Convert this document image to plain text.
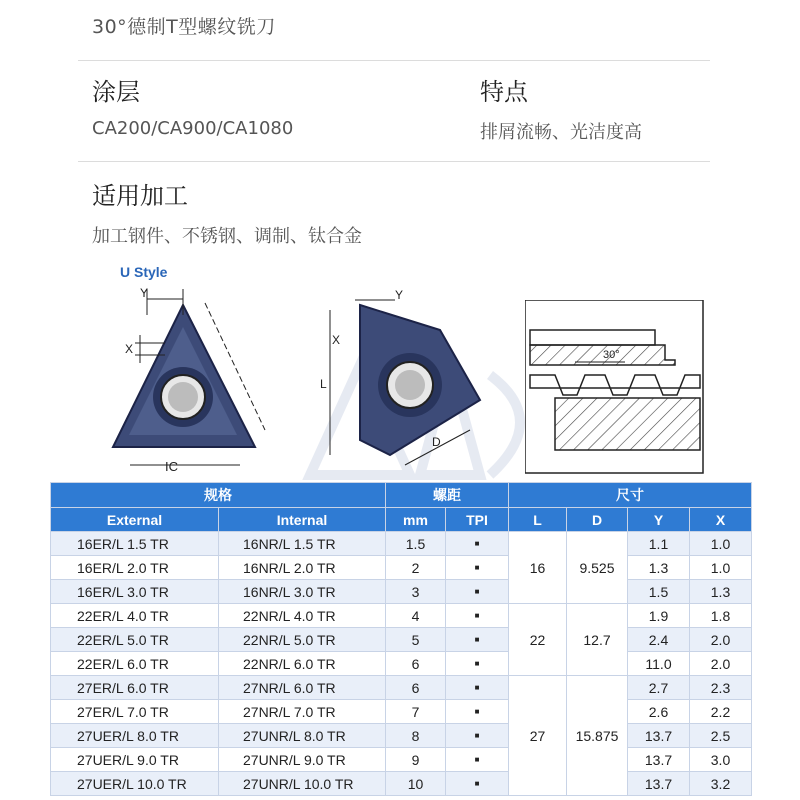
30°德制T型螺纹铣刀
涂层
CA200/CA900/CA1080
特点
排屑流畅、光洁度高
适用加工
加工钢件、不锈钢、调制、钛合金
U Style
Y
X
IC
L
Y
X
D
30°
规格		螺距		尺寸			
External	Internal	mm	TPI	L	D	Y	X
16ER/L 1.5 TR	16NR/L 1.5 TR	1.5	■	16	9.525	1.1	1.0
16ER/L 2.0 TR	16NR/L 2.0 TR	2	■			1.3	1.0
16ER/L 3.0 TR	16NR/L 3.0 TR	3	■			1.5	1.3
22ER/L 4.0 TR	22NR/L 4.0 TR	4	■	22	12.7	1.9	1.8
22ER/L 5.0 TR	22NR/L 5.0 TR	5	■			2.4	2.0
22ER/L 6.0 TR	22NR/L 6.0 TR	6	■			11.0	2.0
27ER/L 6.0 TR	27NR/L 6.0 TR	6	■	27	15.875	2.7	2.3
27ER/L 7.0 TR	27NR/L 7.0 TR	7	■			2.6	2.2
27UER/L 8.0 TR	27UNR/L 8.0 TR	8	■			13.7	2.5
27UER/L 9.0 TR	27UNR/L 9.0 TR	9	■			13.7	3.0
27UER/L 10.0 TR	27UNR/L 10.0 TR	10	■			13.7	3.2
